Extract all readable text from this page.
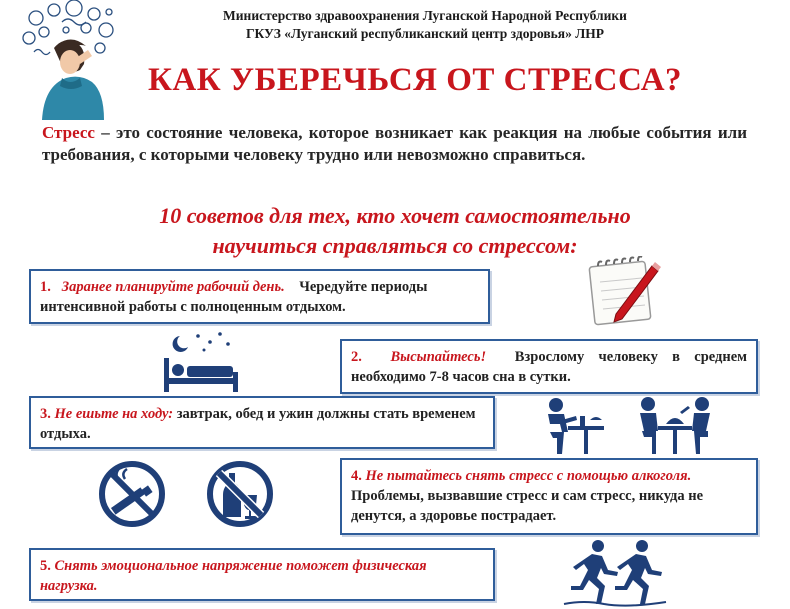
Министерство здравоохранения Луганской Народной Республики
ГКУЗ «Луганский республиканский центр здоровья» ЛНР
КАК УБЕРЕЧЬСЯ ОТ СТРЕССА?
Стресс – это состояние человека, которое возникает как реакция на любые события или требования, с которыми человеку трудно или невозможно справиться.
10 советов для тех, кто хочет самостоятельно
научиться справляться со стрессом:
1. Заранее планируйте рабочий день. Чередуйте периоды интенсивной работы с полноценным отдыхом.
2. Высыпайтесь! Взрослому человеку в среднем необходимо 7-8 часов сна в сутки.
3. Не ешьте на ходу: завтрак, обед и ужин должны стать временем отдыха.
4. Не пытайтесь снять стресс с помощью алкоголя. Проблемы, вызвавшие стресс и сам стресс, никуда не денутся, а здоровье пострадает.
5. Снять эмоциональное напряжение поможет физическая нагрузка.
